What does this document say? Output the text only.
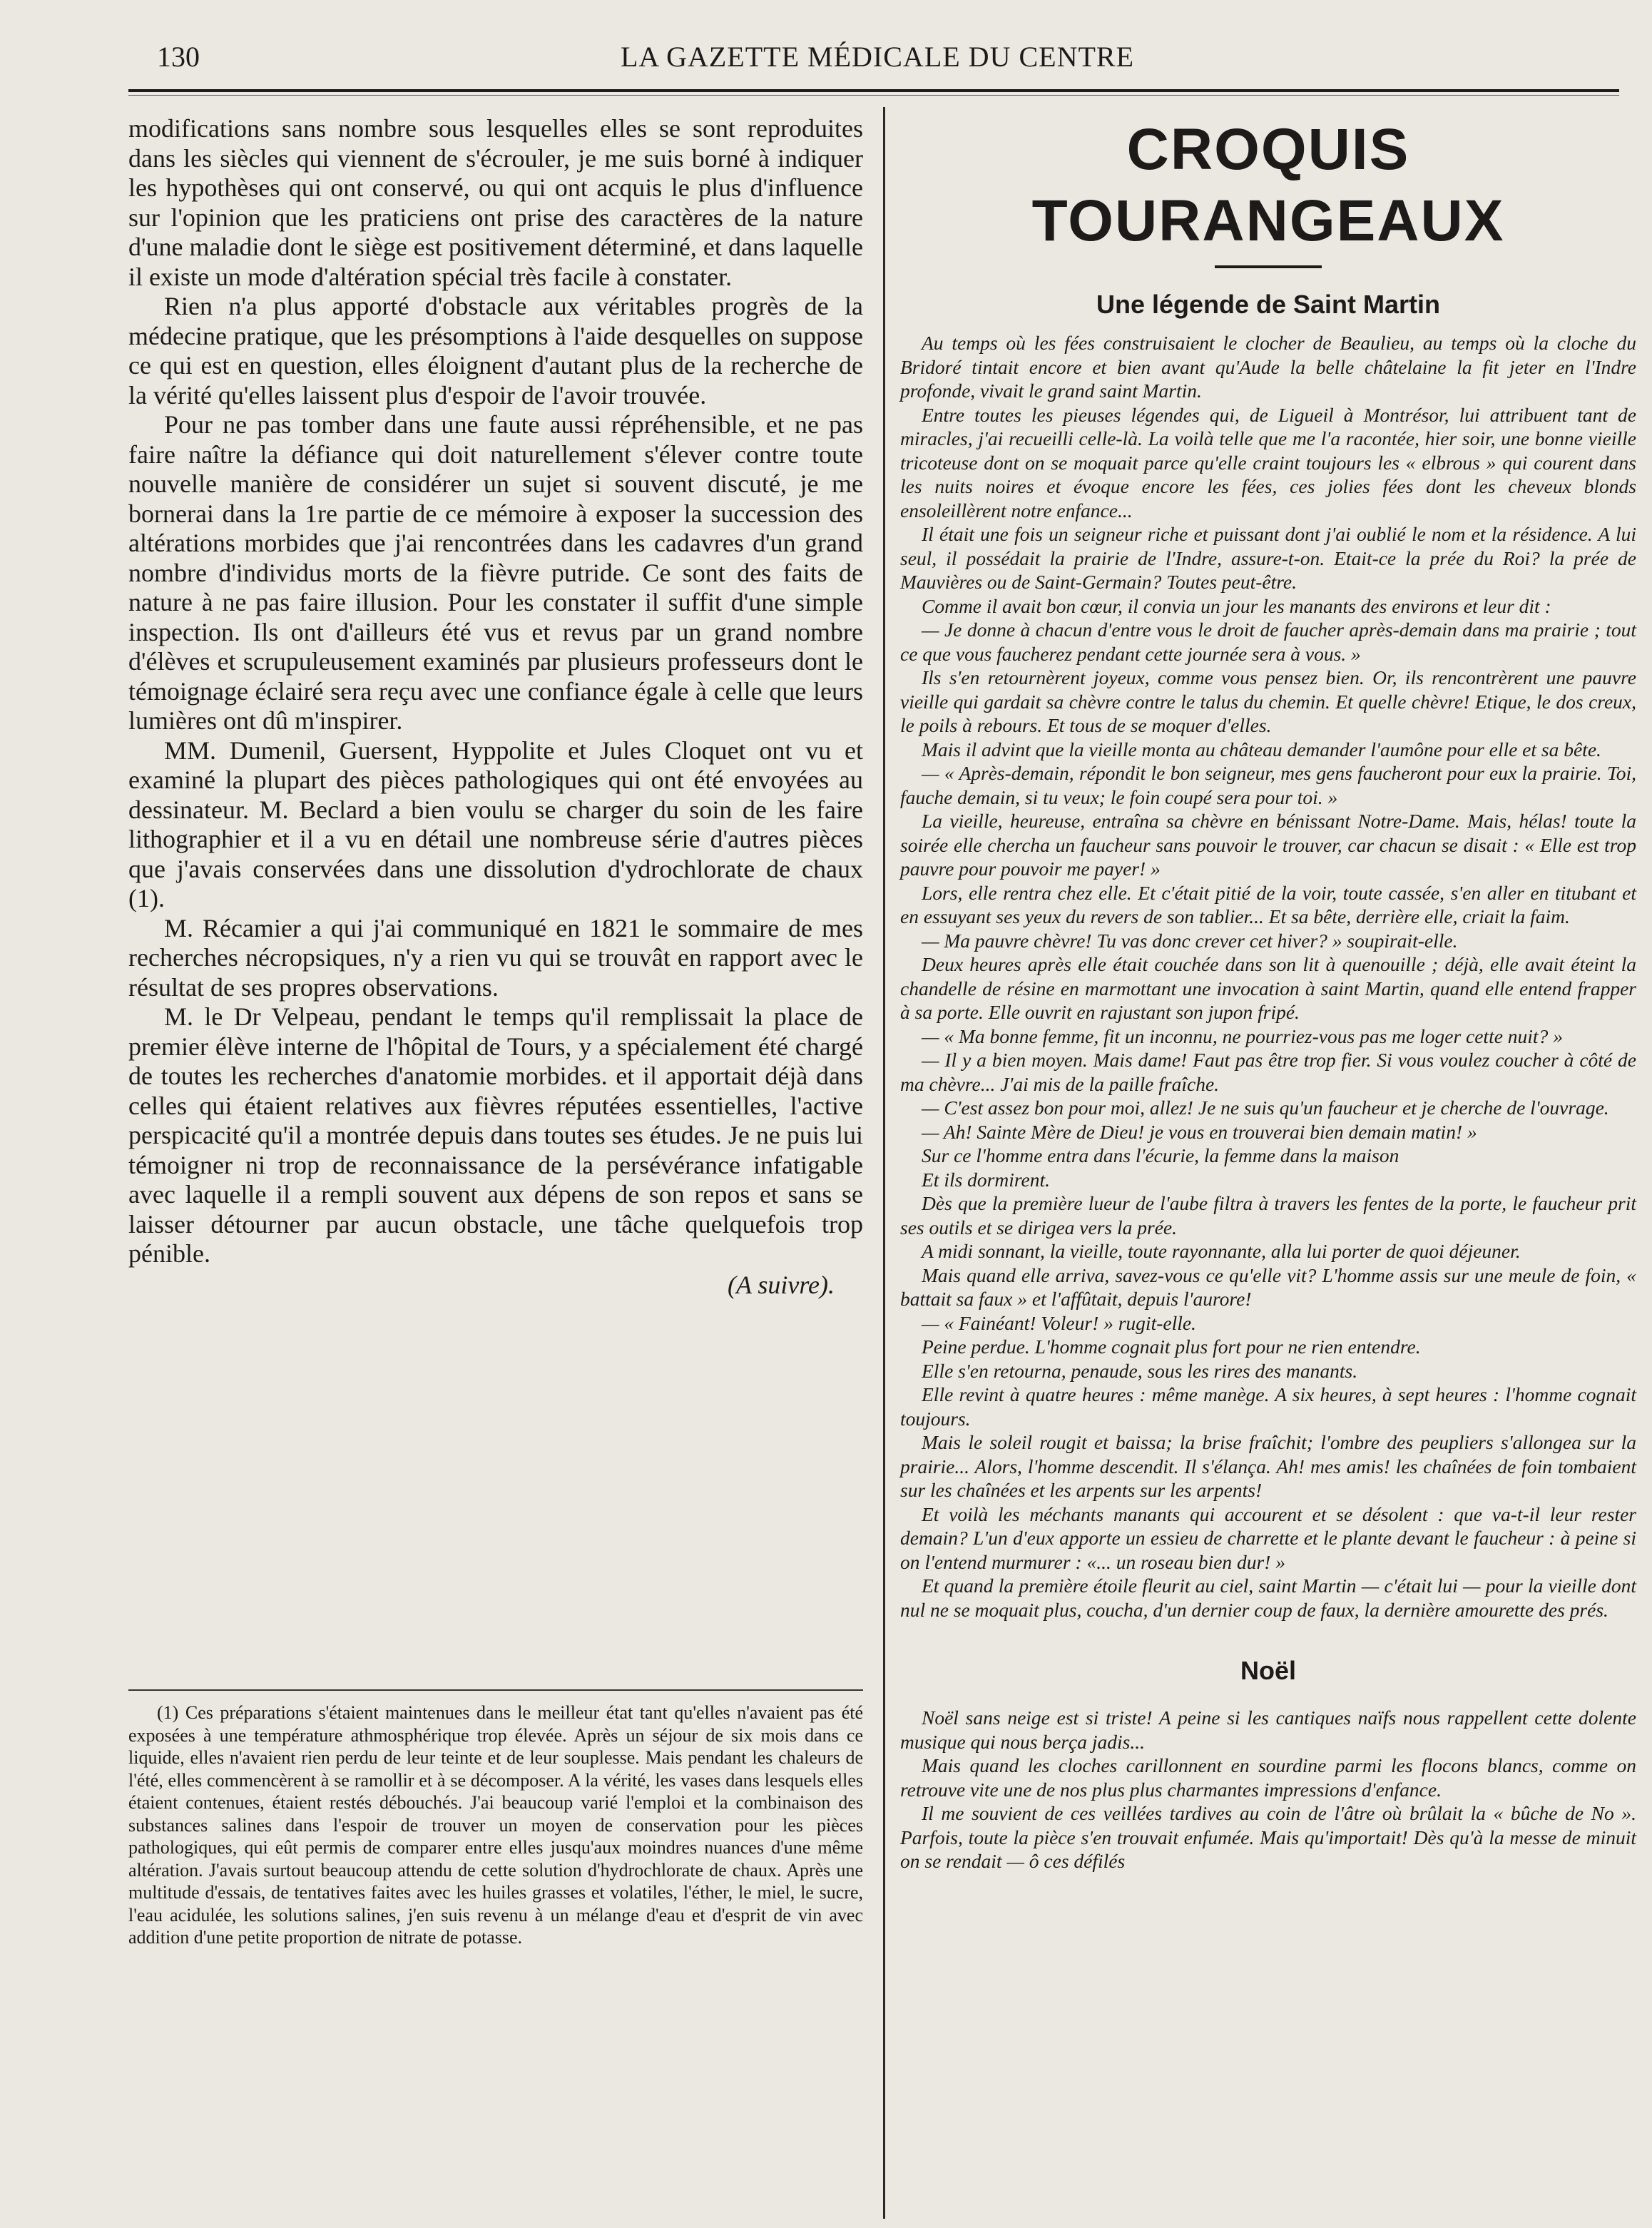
130	LA GAZETTE MÉDICALE DU CENTRE

modifications sans nombre sous lesquelles elles se sont reproduites dans les siècles qui viennent de s'écrouler, je me suis borné à indiquer les hypothèses qui ont conservé, ou qui ont acquis le plus d'influence sur l'opinion que les praticiens ont prise des caractères de la nature d'une maladie dont le siège est positivement déterminé, et dans laquelle il existe un mode d'altération spécial très facile à constater.

Rien n'a plus apporté d'obstacle aux véritables progrès de la médecine pratique, que les présomptions à l'aide desquelles on suppose ce qui est en question, elles éloignent d'autant plus de la recherche de la vérité qu'elles laissent plus d'espoir de l'avoir trouvée.

Pour ne pas tomber dans une faute aussi répréhensible, et ne pas faire naître la défiance qui doit naturellement s'élever contre toute nouvelle manière de considérer un sujet si souvent discuté, je me bornerai dans la 1re partie de ce mémoire à exposer la succession des altérations morbides que j'ai rencontrées dans les cadavres d'un grand nombre d'individus morts de la fièvre putride. Ce sont des faits de nature à ne pas faire illusion. Pour les constater il suffit d'une simple inspection. Ils ont d'ailleurs été vus et revus par un grand nombre d'élèves et scrupuleusement examinés par plusieurs professeurs dont le témoignage éclairé sera reçu avec une confiance égale à celle que leurs lumières ont dû m'inspirer.

MM. Dumenil, Guersent, Hyppolite et Jules Cloquet ont vu et examiné la plupart des pièces pathologiques qui ont été envoyées au dessinateur. M. Beclard a bien voulu se charger du soin de les faire lithographier et il a vu en détail une nombreuse série d'autres pièces que j'avais conservées dans une dissolution d'ydrochlorate de chaux (1).

M. Récamier a qui j'ai communiqué en 1821 le sommaire de mes recherches nécropsiques, n'y a rien vu qui se trouvât en rapport avec le résultat de ses propres observations.

M. le Dr Velpeau, pendant le temps qu'il remplissait la place de premier élève interne de l'hôpital de Tours, y a spécialement été chargé de toutes les recherches d'anatomie morbides. et il apportait déjà dans celles qui étaient relatives aux fièvres réputées essentielles, l'active perspicacité qu'il a montrée depuis dans toutes ses études. Je ne puis lui témoigner ni trop de reconnaissance de la persévérance infatigable avec laquelle il a rempli souvent aux dépens de son repos et sans se laisser détourner par aucun obstacle, une tâche quelquefois trop pénible.

(A suivre).

(1) Ces préparations s'étaient maintenues dans le meilleur état tant qu'elles n'avaient pas été exposées à une température athmosphérique trop élevée. Après un séjour de six mois dans ce liquide, elles n'avaient rien perdu de leur teinte et de leur souplesse. Mais pendant les chaleurs de l'été, elles commencèrent à se ramollir et à se décomposer. A la vérité, les vases dans lesquels elles étaient contenues, étaient restés débouchés. J'ai beaucoup varié l'emploi et la combinaison des substances salines dans l'espoir de trouver un moyen de conservation pour les pièces pathologiques, qui eût permis de comparer entre elles jusqu'aux moindres nuances d'une même altération. J'avais surtout beaucoup attendu de cette solution d'hydrochlorate de chaux. Après une multitude d'essais, de tentatives faites avec les huiles grasses et volatiles, l'éther, le miel, le sucre, l'eau acidulée, les solutions salines, j'en suis revenu à un mélange d'eau et d'esprit de vin avec addition d'une petite proportion de nitrate de potasse.

CROQUIS TOURANGEAUX
Une légende de Saint Martin

Au temps où les fées construisaient le clocher de Beaulieu, au temps où la cloche du Bridoré tintait encore et bien avant qu'Aude la belle châtelaine la fit jeter en l'Indre profonde, vivait le grand saint Martin.

Entre toutes les pieuses légendes qui, de Ligueil à Montrésor, lui attribuent tant de miracles, j'ai recueilli celle-là. La voilà telle que me l'a racontée, hier soir, une bonne vieille tricoteuse dont on se moquait parce qu'elle craint toujours les « elbrous » qui courent dans les nuits noires et évoque encore les fées, ces jolies fées dont les cheveux blonds ensoleillèrent notre enfance...

Il était une fois un seigneur riche et puissant dont j'ai oublié le nom et la résidence. A lui seul, il possédait la prairie de l'Indre, assure-t-on. Etait-ce la prée du Roi? la prée de Mauvières ou de Saint-Germain? Toutes peut-être.

Comme il avait bon cœur, il convia un jour les manants des environs et leur dit :

— Je donne à chacun d'entre vous le droit de faucher après-demain dans ma prairie ; tout ce que vous faucherez pendant cette journée sera à vous. »

Ils s'en retournèrent joyeux, comme vous pensez bien. Or, ils rencontrèrent une pauvre vieille qui gardait sa chèvre contre le talus du chemin. Et quelle chèvre! Etique, le dos creux, le poils à rebours. Et tous de se moquer d'elles.

Mais il advint que la vieille monta au château demander l'aumône pour elle et sa bête.

— « Après-demain, répondit le bon seigneur, mes gens faucheront pour eux la prairie. Toi, fauche demain, si tu veux; le foin coupé sera pour toi. »

La vieille, heureuse, entraîna sa chèvre en bénissant Notre-Dame. Mais, hélas! toute la soirée elle chercha un faucheur sans pouvoir le trouver, car chacun se disait : « Elle est trop pauvre pour pouvoir me payer! »

Lors, elle rentra chez elle. Et c'était pitié de la voir, toute cassée, s'en aller en titubant et en essuyant ses yeux du revers de son tablier... Et sa bête, derrière elle, criait la faim.

— Ma pauvre chèvre! Tu vas donc crever cet hiver? » soupirait-elle.

Deux heures après elle était couchée dans son lit à quenouille ; déjà, elle avait éteint la chandelle de résine en marmottant une invocation à saint Martin, quand elle entend frapper à sa porte. Elle ouvrit en rajustant son jupon fripé.

— « Ma bonne femme, fit un inconnu, ne pourriez-vous pas me loger cette nuit? »

— Il y a bien moyen. Mais dame! Faut pas être trop fier. Si vous voulez coucher à côté de ma chèvre... J'ai mis de la paille fraîche.

— C'est assez bon pour moi, allez! Je ne suis qu'un faucheur et je cherche de l'ouvrage.

— Ah! Sainte Mère de Dieu! je vous en trouverai bien demain matin! »

Sur ce l'homme entra dans l'écurie, la femme dans la maison

Et ils dormirent.

Dès que la première lueur de l'aube filtra à travers les fentes de la porte, le faucheur prit ses outils et se dirigea vers la prée.

A midi sonnant, la vieille, toute rayonnante, alla lui porter de quoi déjeuner.

Mais quand elle arriva, savez-vous ce qu'elle vit? L'homme assis sur une meule de foin, « battait sa faux » et l'affûtait, depuis l'aurore!

— « Fainéant! Voleur! » rugit-elle.

Peine perdue. L'homme cognait plus fort pour ne rien entendre.

Elle s'en retourna, penaude, sous les rires des manants.

Elle revint à quatre heures : même manège. A six heures, à sept heures : l'homme cognait toujours.

Mais le soleil rougit et baissa; la brise fraîchit; l'ombre des peupliers s'allongea sur la prairie... Alors, l'homme descendit. Il s'élança. Ah! mes amis! les chaînées de foin tombaient sur les chaînées et les arpents sur les arpents!

Et voilà les méchants manants qui accourent et se désolent : que va-t-il leur rester demain? L'un d'eux apporte un essieu de charrette et le plante devant le faucheur : à peine si on l'entend murmurer : «... un roseau bien dur! »

Et quand la première étoile fleurit au ciel, saint Martin — c'était lui — pour la vieille dont nul ne se moquait plus, coucha, d'un dernier coup de faux, la dernière amourette des prés.

Noël

Noël sans neige est si triste! A peine si les cantiques naïfs nous rappellent cette dolente musique qui nous berça jadis...

Mais quand les cloches carillonnent en sourdine parmi les flocons blancs, comme on retrouve vite une de nos plus plus charmantes impressions d'enfance.

Il me souvient de ces veillées tardives au coin de l'âtre où brûlait la « bûche de No ». Parfois, toute la pièce s'en trouvait enfumée. Mais qu'importait! Dès qu'à la messe de minuit on se rendait — ô ces défilés
